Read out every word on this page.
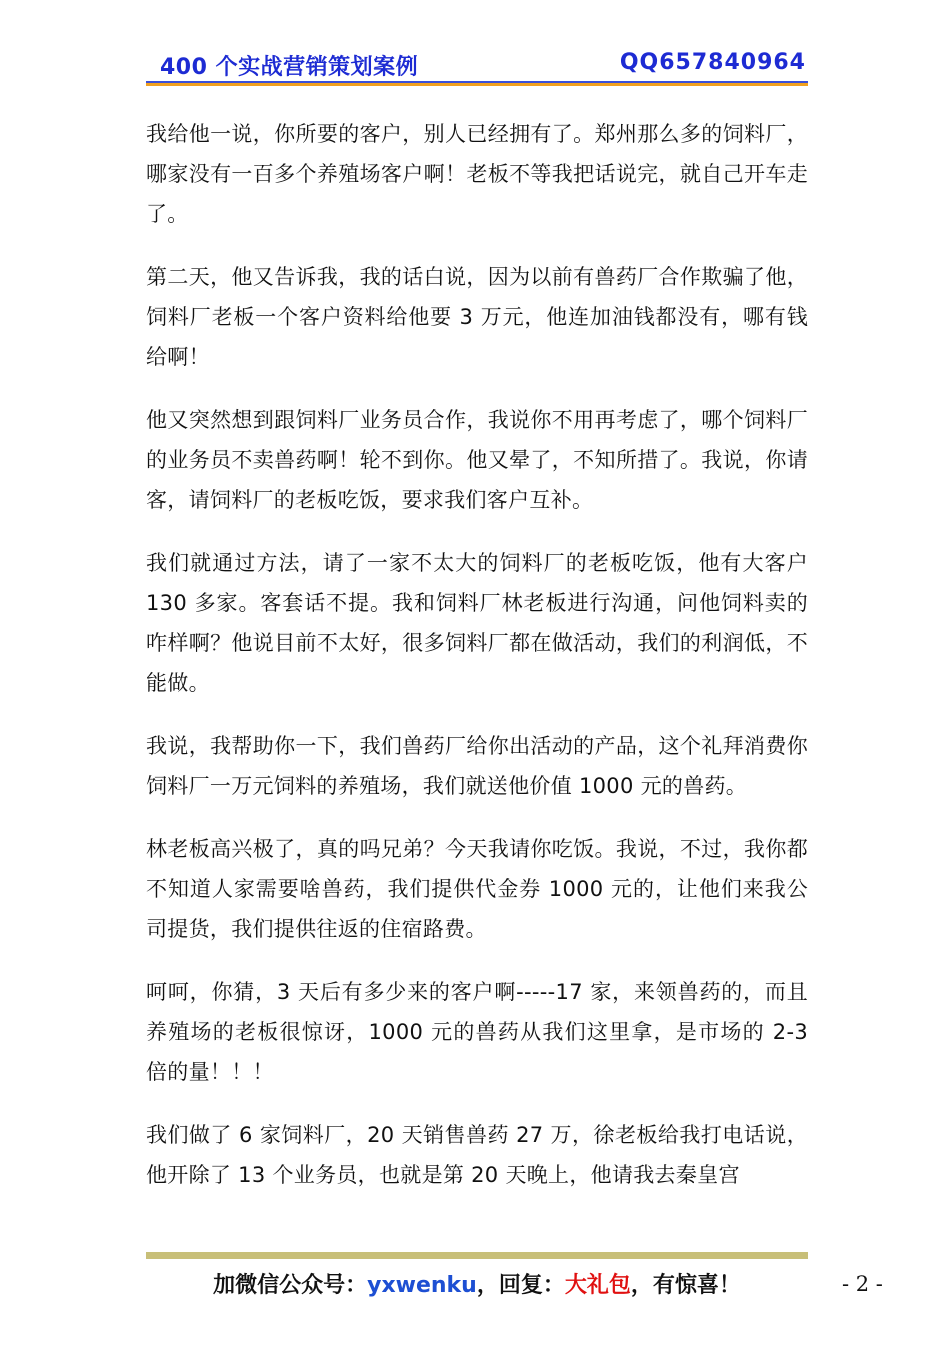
400 个实战营销策划案例	QQ657840964

我给他一说，你所要的客户，别人已经拥有了。郑州那么多的饲料厂，哪家没有一百多个养殖场客户啊！老板不等我把话说完，就自己开车走了。

第二天，他又告诉我，我的话白说，因为以前有兽药厂合作欺骗了他，饲料厂老板一个客户资料给他要 3 万元，他连加油钱都没有，哪有钱给啊！

他又突然想到跟饲料厂业务员合作，我说你不用再考虑了，哪个饲料厂的业务员不卖兽药啊！轮不到你。他又晕了，不知所措了。我说，你请客，请饲料厂的老板吃饭，要求我们客户互补。

我们就通过方法，请了一家不太大的饲料厂的老板吃饭，他有大客户 130 多家。客套话不提。我和饲料厂林老板进行沟通，问他饲料卖的咋样啊？他说目前不太好，很多饲料厂都在做活动，我们的利润低，不能做。

我说，我帮助你一下，我们兽药厂给你出活动的产品，这个礼拜消费你饲料厂一万元饲料的养殖场，我们就送他价值 1000 元的兽药。

林老板高兴极了，真的吗兄弟？今天我请你吃饭。我说，不过，我你都不知道人家需要啥兽药，我们提供代金券 1000 元的，让他们来我公司提货，我们提供往返的住宿路费。

呵呵，你猜，3 天后有多少来的客户啊-----17 家，来领兽药的，而且养殖场的老板很惊讶，1000 元的兽药从我们这里拿，是市场的 2-3 倍的量！！！

我们做了 6 家饲料厂，20 天销售兽药 27 万，徐老板给我打电话说，他开除了 13 个业务员，也就是第 20 天晚上，他请我去秦皇宫

加微信公众号：yxwenku，回复：大礼包，有惊喜！	- 2 -
